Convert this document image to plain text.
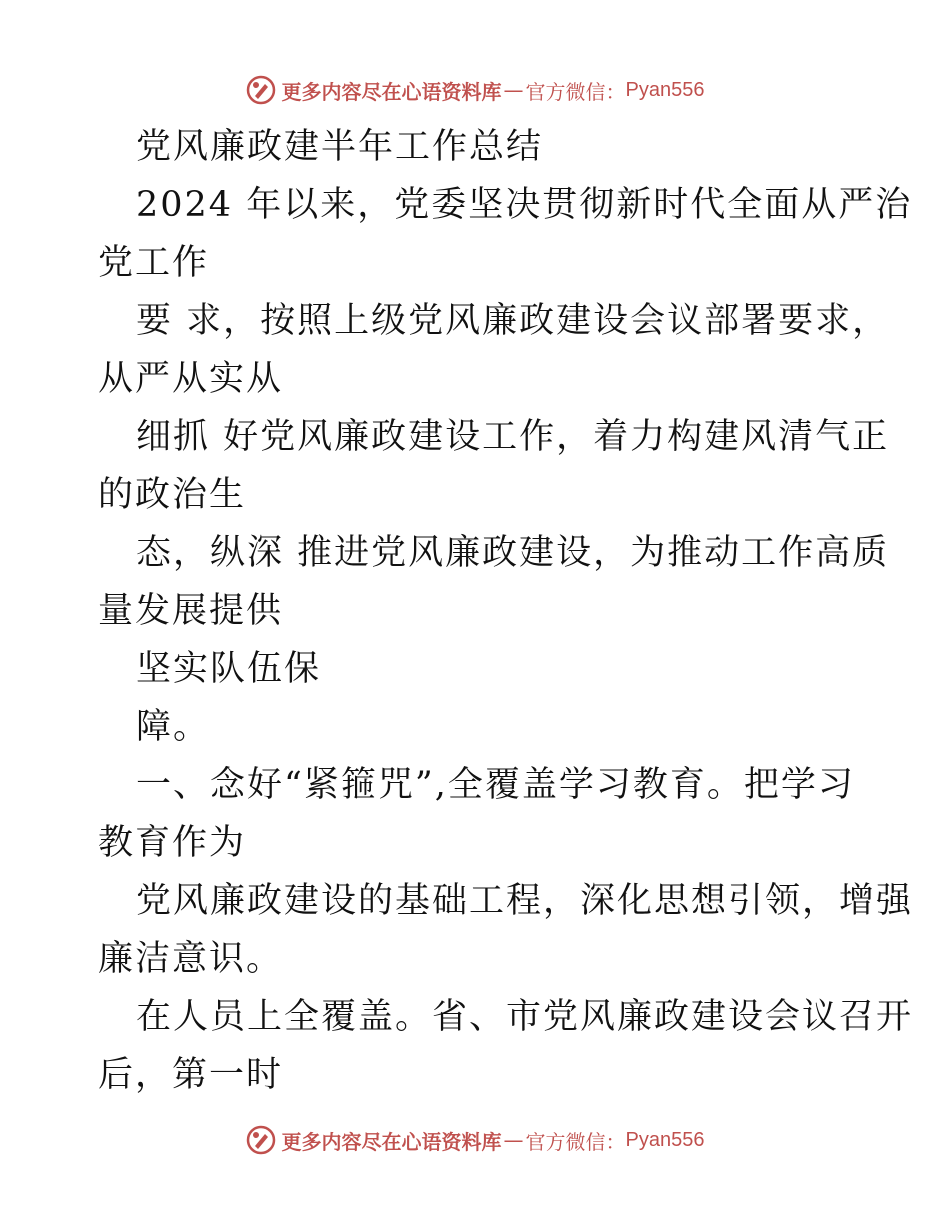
更多内容尽在心语资料库 — 官方微信： Pyan556
党风廉政建半年工作总结
2024 年以来，党委坚决贯彻新时代全面从严治
党工作
要 求，按照上级党风廉政建设会议部署要求，
从严从实从
细抓 好党风廉政建设工作，着力构建风清气正
的政治生
态，纵深 推进党风廉政建设，为推动工作高质
量发展提供
坚实队伍保
障。
一、念好“紧箍咒”,全覆盖学习教育。把学习
教育作为
党风廉政建设的基础工程，深化思想引领，增强
廉洁意识。
在人员上全覆盖。省、市党风廉政建设会议召开
后，第一时
更多内容尽在心语资料库 — 官方微信： Pyan556
